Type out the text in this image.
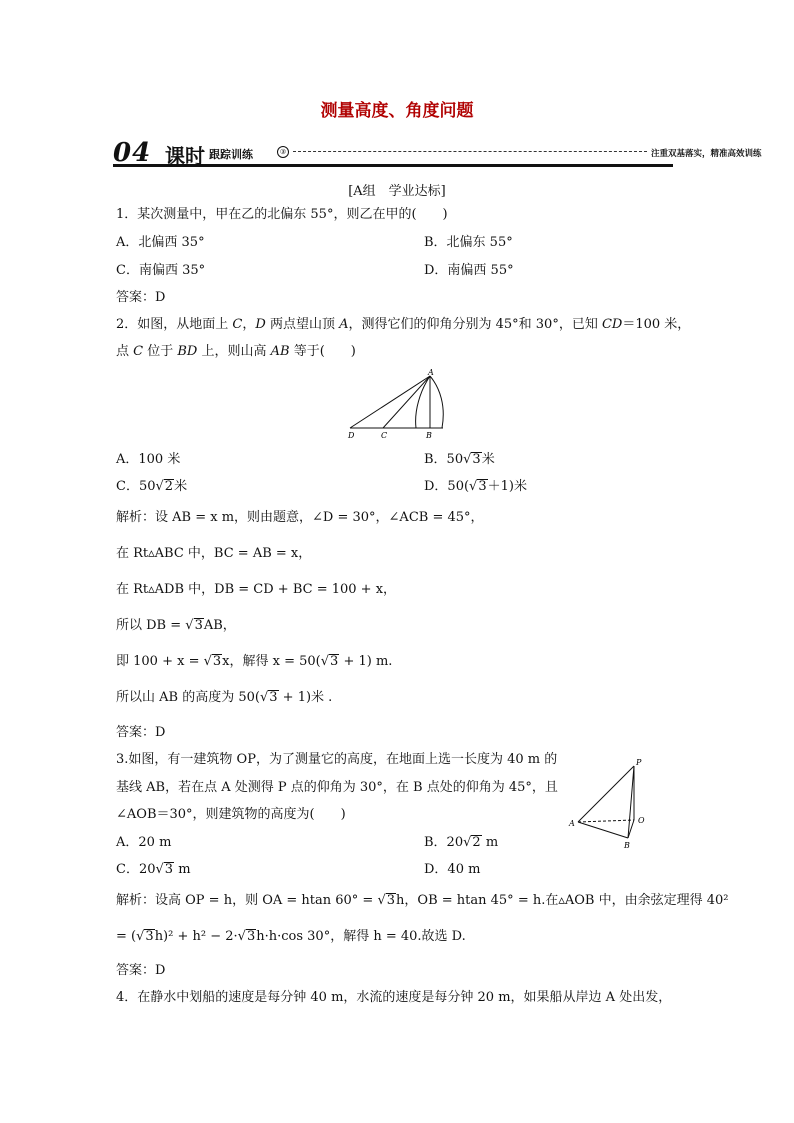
测量高度、角度问题
04 课时 跟踪训练	③	注重双基落实，精准高效训练
[A组　学业达标]
1．某次测量中，甲在乙的北偏东 55°，则乙在甲的(　　)
A．北偏西 35°	B．北偏东 55°
C．南偏西 35°	D．南偏西 55°
答案：D
2．如图，从地面上 C，D 两点望山顶 A，测得它们的仰角分别为 45°和 30°，已知 CD＝100 米，
点 C 位于 BD 上，则山高 AB 等于(　　)
A
B
C
D
A．100 米	B．50√3米
C．50√2米	D．50(√3＋1)米
解析：设 AB = x m，则由题意，∠D = 30°，∠ACB = 45°，
在 Rt▵ABC 中，BC = AB = x，
在 Rt▵ADB 中，DB = CD + BC = 100 + x，
所以 DB = √3AB，
即 100 + x = √3x，解得 x = 50(√3 + 1) m.
所以山 AB 的高度为 50(√3 + 1)米 .
答案：D
3.如图，有一建筑物 OP，为了测量它的高度，在地面上选一长度为 40 m 的
基线 AB，若在点 A 处测得 P 点的仰角为 30°，在 B 点处的仰角为 45°，且
∠AOB＝30°，则建筑物的高度为(　　)
P
A	O
B
A．20 m	B．20√2 m
C．20√3 m	D．40 m
解析：设高 OP = h，则 OA = htan 60° = √3h，OB = htan 45° = h.在▵AOB 中，由余弦定理得 40²
= (√3h)² + h² − 2·√3h·h·cos 30°，解得 h = 40.故选 D.
答案：D
4．在静水中划船的速度是每分钟 40 m，水流的速度是每分钟 20 m，如果船从岸边 A 处出发，
